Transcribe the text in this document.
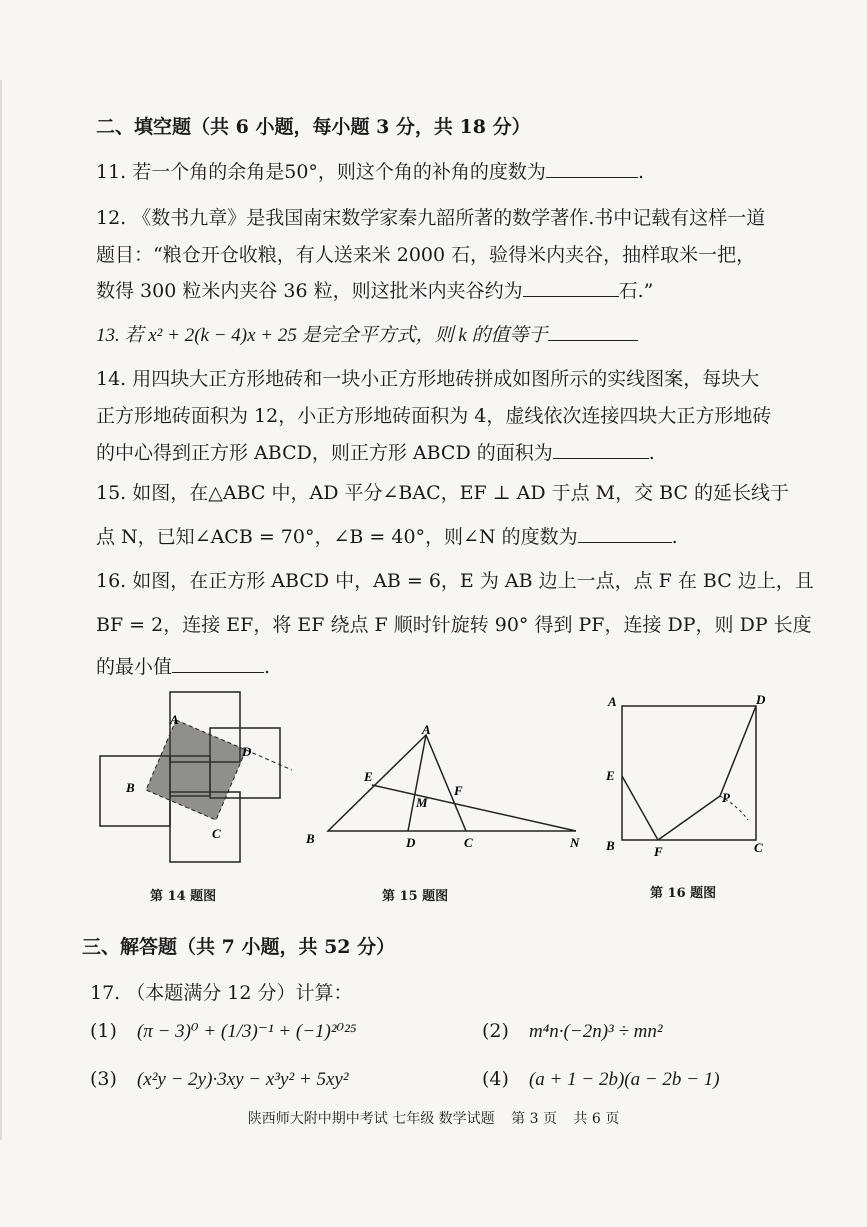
二、填空题（共 6 小题，每小题 3 分，共 18 分）
11. 若一个角的余角是50°，则这个角的补角的度数为	.
12. 《数书九章》是我国南宋数学家秦九韶所著的数学著作.书中记载有这样一道
题目：“粮仓开仓收粮，有人送来米 2000 石，验得米内夹谷，抽样取米一把，
数得 300 粒米内夹谷 36 粒，则这批米内夹谷约为	石.”
13. 若 x² + 2(k − 4)x + 25 是完全平方式，则 k 的值等于
14. 用四块大正方形地砖和一块小正方形地砖拼成如图所示的实线图案，每块大
正方形地砖面积为 12，小正方形地砖面积为 4，虚线依次连接四块大正方形地砖
的中心得到正方形 ABCD，则正方形 ABCD 的面积为	.
15. 如图，在△ABC 中，AD 平分∠BAC，EF ⊥ AD 于点 M，交 BC 的延长线于
点 N，已知∠ACB = 70°，∠B = 40°，则∠N 的度数为	.
16. 如图，在正方形 ABCD 中，AB = 6，E 为 AB 边上一点，点 F 在 BC 边上，且
BF = 2，连接 EF，将 EF 绕点 F 顺时针旋转 90° 得到 PF，连接 DP，则 DP 长度
的最小值	.
A
B
C
D
第 14 题图
A
B	C
D
E
F
M
N
第 15 题图
A
B	C
D
E
F
P
第 16 题图
三、解答题（共 7 小题，共 52 分）
17. （本题满分 12 分）计算：
(1) (π − 3)⁰ + (1/3)⁻¹ + (−1)²⁰²⁵	(2) m⁴n·(−2n)³ ÷ mn²
(3) (x²y − 2y)·3xy − x³y² + 5xy²	(4) (a + 1 − 2b)(a − 2b − 1)
陕西师大附中期中考试 七年级 数学试题 第 3 页 共 6 页
